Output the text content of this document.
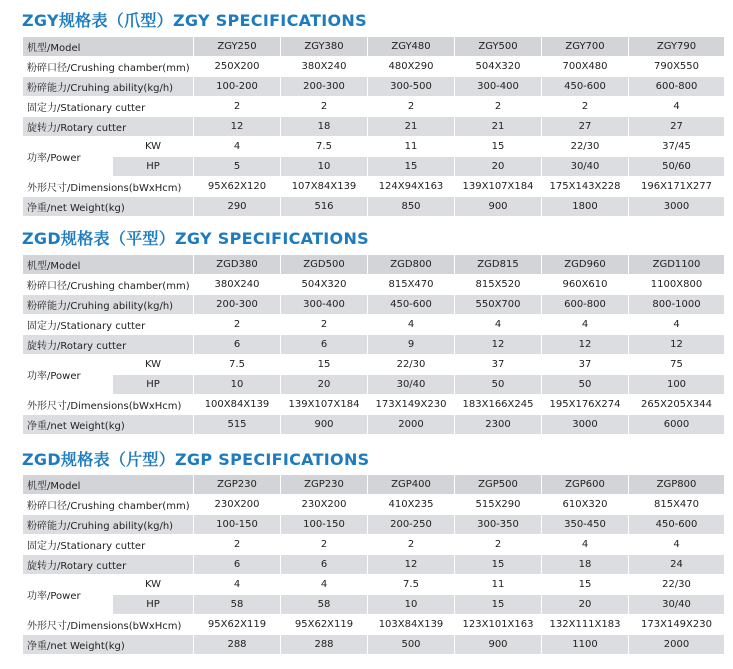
ZGY规格表（爪型）ZGY SPECIFICATIONS
机型/Model		ZGY250	ZGY380	ZGY480	ZGY500	ZGY700	ZGY790
粉碎口径/Crushing chamber(mm)		250X200	380X240	480X290	504X320	700X480	790X550
粉碎能力/Cruhing ability(kg/h)		100-200	200-300	300-500	300-400	450-600	600-800
固定力/Stationary cutter		2	2	2	2	2	4
旋转力/Rotary cutter		12	18	21	21	27	27
功率/Power	KW	4	7.5	11	15	22/30	37/45
	HP	5	10	15	20	30/40	50/60
外形尺寸/Dimensions(bWxHcm)		95X62X120	107X84X139	124X94X163	139X107X184	175X143X228	196X171X277
净重/net Weight(kg)		290	516	850	900	1800	3000
ZGD规格表（平型）ZGY SPECIFICATIONS
机型/Model		ZGD380	ZGD500	ZGD800	ZGD815	ZGD960	ZGD1100
粉碎口径/Crushing chamber(mm)		380X240	504X320	815X470	815X520	960X610	1100X800
粉碎能力/Cruhing ability(kg/h)		200-300	300-400	450-600	550X700	600-800	800-1000
固定力/Stationary cutter		2	2	4	4	4	4
旋转力/Rotary cutter		6	6	9	12	12	12
功率/Power	KW	7.5	15	22/30	37	37	75
	HP	10	20	30/40	50	50	100
外形尺寸/Dimensions(bWxHcm)		100X84X139	139X107X184	173X149X230	183X166X245	195X176X274	265X205X344
净重/net Weight(kg)		515	900	2000	2300	3000	6000
ZGD规格表（片型）ZGP SPECIFICATIONS
机型/Model		ZGP230	ZGP230	ZGP400	ZGP500	ZGP600	ZGP800
粉碎口径/Crushing chamber(mm)		230X200	230X200	410X235	515X290	610X320	815X470
粉碎能力/Cruhing ability(kg/h)		100-150	100-150	200-250	300-350	350-450	450-600
固定力/Stationary cutter		2	2	2	2	4	4
旋转力/Rotary cutter		6	6	12	15	18	24
功率/Power	KW	4	4	7.5	11	15	22/30
	HP	58	58	10	15	20	30/40
外形尺寸/Dimensions(bWxHcm)		95X62X119	95X62X119	103X84X139	123X101X163	132X111X183	173X149X230
净重/net Weight(kg)		288	288	500	900	1100	2000
